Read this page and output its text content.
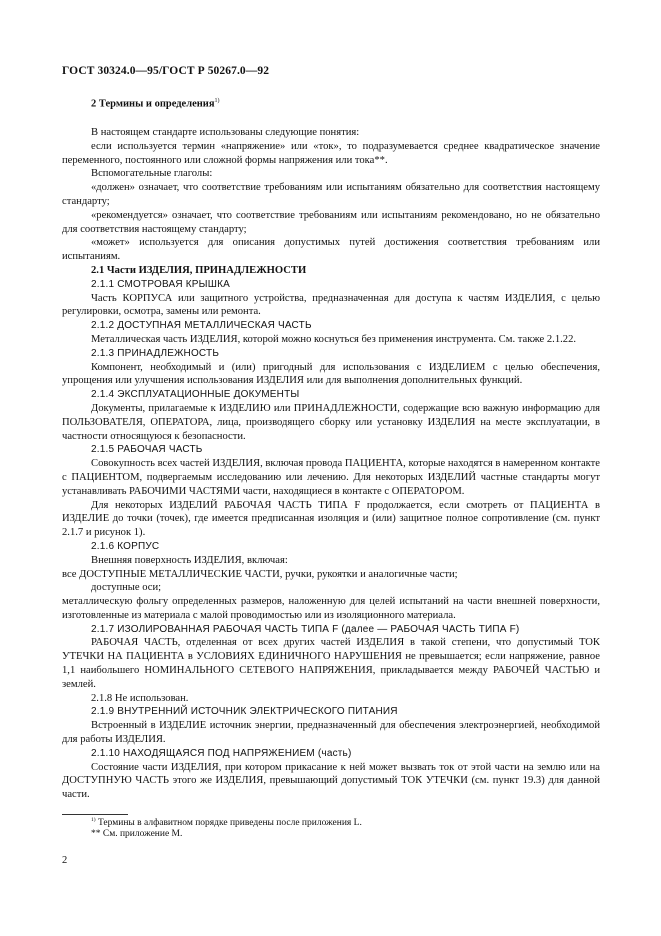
ГОСТ 30324.0—95/ГОСТ Р 50267.0—92
2 Термины и определения$^{1)}$

В настоящем стандарте использованы следующие понятия:

если используется термин «напряжение» или «ток», то подразумевается среднее квадратическое значение переменного, постоянного или сложной формы напряжения или тока**.

Вспомогательные глаголы:

«должен» означает, что соответствие требованиям или испытаниям обязательно для соответствия настоящему стандарту;

«рекомендуется» означает, что соответствие требованиям или испытаниям рекомендовано, но не обязательно для соответствия настоящему стандарту;

«может» используется для описания допустимых путей достижения соответствия требованиям или испытаниям.

2.1 Части ИЗДЕЛИЯ, ПРИНАДЛЕЖНОСТИ

2.1.1 СМОТРОВАЯ КРЫШКА

Часть КОРПУСА или защитного устройства, предназначенная для доступа к частям ИЗДЕЛИЯ, с целью регулировки, осмотра, замены или ремонта.

2.1.2 ДОСТУПНАЯ МЕТАЛЛИЧЕСКАЯ ЧАСТЬ

Металлическая часть ИЗДЕЛИЯ, которой можно коснуться без применения инструмента. См. также 2.1.22.

2.1.3 ПРИНАДЛЕЖНОСТЬ

Компонент, необходимый и (или) пригодный для использования с ИЗДЕЛИЕМ с целью обеспечения, упрощения или улучшения использования ИЗДЕЛИЯ или для выполнения дополнительных функций.

2.1.4 ЭКСПЛУАТАЦИОННЫЕ ДОКУМЕНТЫ

Документы, прилагаемые к ИЗДЕЛИЮ или ПРИНАДЛЕЖНОСТИ, содержащие всю важную информацию для ПОЛЬЗОВАТЕЛЯ, ОПЕРАТОРА, лица, производящего сборку или установку ИЗДЕЛИЯ на месте эксплуатации, в частности относящуюся к безопасности.

2.1.5 РАБОЧАЯ ЧАСТЬ

Совокупность всех частей ИЗДЕЛИЯ, включая провода ПАЦИЕНТА, которые находятся в намеренном контакте с ПАЦИЕНТОМ, подвергаемым исследованию или лечению. Для некоторых ИЗДЕЛИЙ частные стандарты могут устанавливать РАБОЧИМИ ЧАСТЯМИ части, находящиеся в контакте с ОПЕРАТОРОМ.

Для некоторых ИЗДЕЛИЙ РАБОЧАЯ ЧАСТЬ ТИПА F продолжается, если смотреть от ПАЦИЕНТА в ИЗДЕЛИЕ до точки (точек), где имеется предписанная изоляция и (или) защитное полное сопротивление (см. пункт 2.1.7 и рисунок 1).

2.1.6 КОРПУС

Внешняя поверхность ИЗДЕЛИЯ, включая:

все ДОСТУПНЫЕ МЕТАЛЛИЧЕСКИЕ ЧАСТИ, ручки, рукоятки и аналогичные части;

доступные оси;

металлическую фольгу определенных размеров, наложенную для целей испытаний на части внешней поверхности, изготовленные из материала с малой проводимостью или из изоляционного материала.

2.1.7 ИЗОЛИРОВАННАЯ РАБОЧАЯ ЧАСТЬ ТИПА F (далее — РАБОЧАЯ ЧАСТЬ ТИПА F)

РАБОЧАЯ ЧАСТЬ, отделенная от всех других частей ИЗДЕЛИЯ в такой степени, что допустимый ТОК УТЕЧКИ НА ПАЦИЕНТА в УСЛОВИЯХ ЕДИНИЧНОГО НАРУШЕНИЯ не превышается; если напряжение, равное 1,1 наибольшего НОМИНАЛЬНОГО СЕТЕВОГО НАПРЯЖЕНИЯ, прикладывается между РАБОЧЕЙ ЧАСТЬЮ и землей.

2.1.8 Не использован.

2.1.9 ВНУТРЕННИЙ ИСТОЧНИК ЭЛЕКТРИЧЕСКОГО ПИТАНИЯ

Встроенный в ИЗДЕЛИЕ источник энергии, предназначенный для обеспечения электроэнергией, необходимой для работы ИЗДЕЛИЯ.

2.1.10 НАХОДЯЩАЯСЯ ПОД НАПРЯЖЕНИЕМ (часть)

Состояние части ИЗДЕЛИЯ, при котором прикасание к ней может вызвать ток от этой части на землю или на ДОСТУПНУЮ ЧАСТЬ этого же ИЗДЕЛИЯ, превышающий допустимый ТОК УТЕЧКИ (см. пункт 19.3) для данной части.

$^{1)}$ Термины в алфавитном порядке приведены после приложения L.
** См. приложение М.
2
